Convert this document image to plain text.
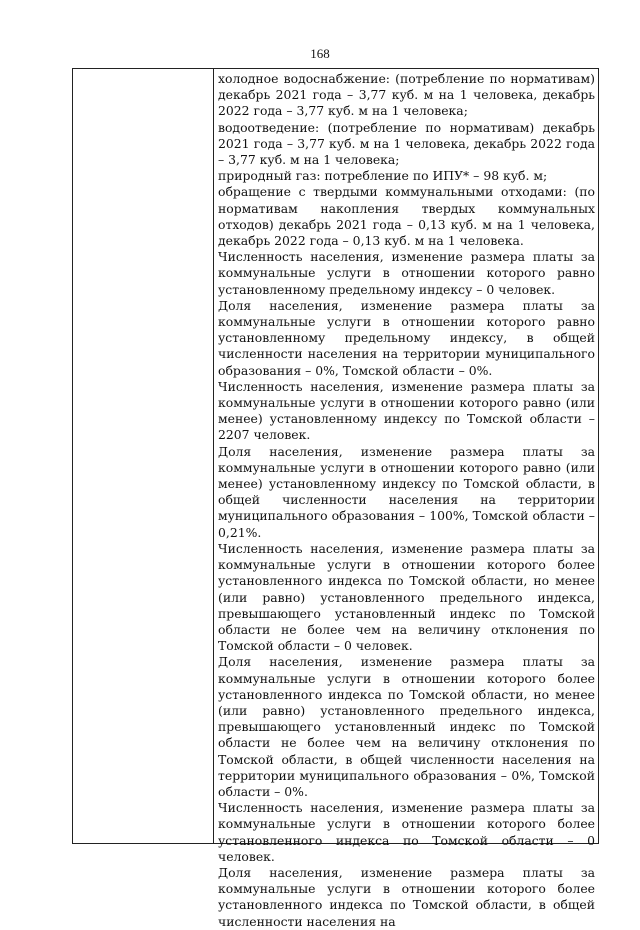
168

холодное водоснабжение: (потребление по нормативам) декабрь 2021 года – 3,77 куб. м на 1 человека, декабрь 2022 года – 3,77 куб. м на 1 человека;

водоотведение: (потребление по нормативам) декабрь 2021 года – 3,77 куб. м на 1 человека, декабрь 2022 года – 3,77 куб. м на 1 человека;

природный газ: потребление по ИПУ* – 98 куб. м;

обращение с твердыми коммунальными отходами: (по нормативам накопления твердых коммунальных отходов) декабрь 2021 года – 0,13 куб. м на 1 человека, декабрь 2022 года – 0,13 куб. м на 1 человека.

Численность населения, изменение размера платы за коммунальные услуги в отношении которого равно установленному предельному индексу – 0 человек.

Доля населения, изменение размера платы за коммунальные услуги в отношении которого равно установленному предельному индексу, в общей численности населения на территории муниципального образования – 0%, Томской области – 0%.

Численность населения, изменение размера платы за коммунальные услуги в отношении которого равно (или менее) установленному индексу по Томской области – 2207 человек.

Доля населения, изменение размера платы за коммунальные услуги в отношении которого равно (или менее) установленному индексу по Томской области, в общей численности населения на территории муниципального образования – 100%, Томской области – 0,21%.

Численность населения, изменение размера платы за коммунальные услуги в отношении которого более установленного индекса по Томской области, но менее (или равно) установленного предельного индекса, превышающего установленный индекс по Томской области не более чем на величину отклонения по Томской области – 0 человек.

Доля населения, изменение размера платы за коммунальные услуги в отношении которого более установленного индекса по Томской области, но менее (или равно) установленного предельного индекса, превышающего установленный индекс по Томской области не более чем на величину отклонения по Томской области, в общей численности населения на территории муниципального образования – 0%, Томской области – 0%.

Численность населения, изменение размера платы за коммунальные услуги в отношении которого более установленного индекса по Томской области – 0 человек.

Доля населения, изменение размера платы за коммунальные услуги в отношении которого более установленного индекса по Томской области, в общей численности населения на
